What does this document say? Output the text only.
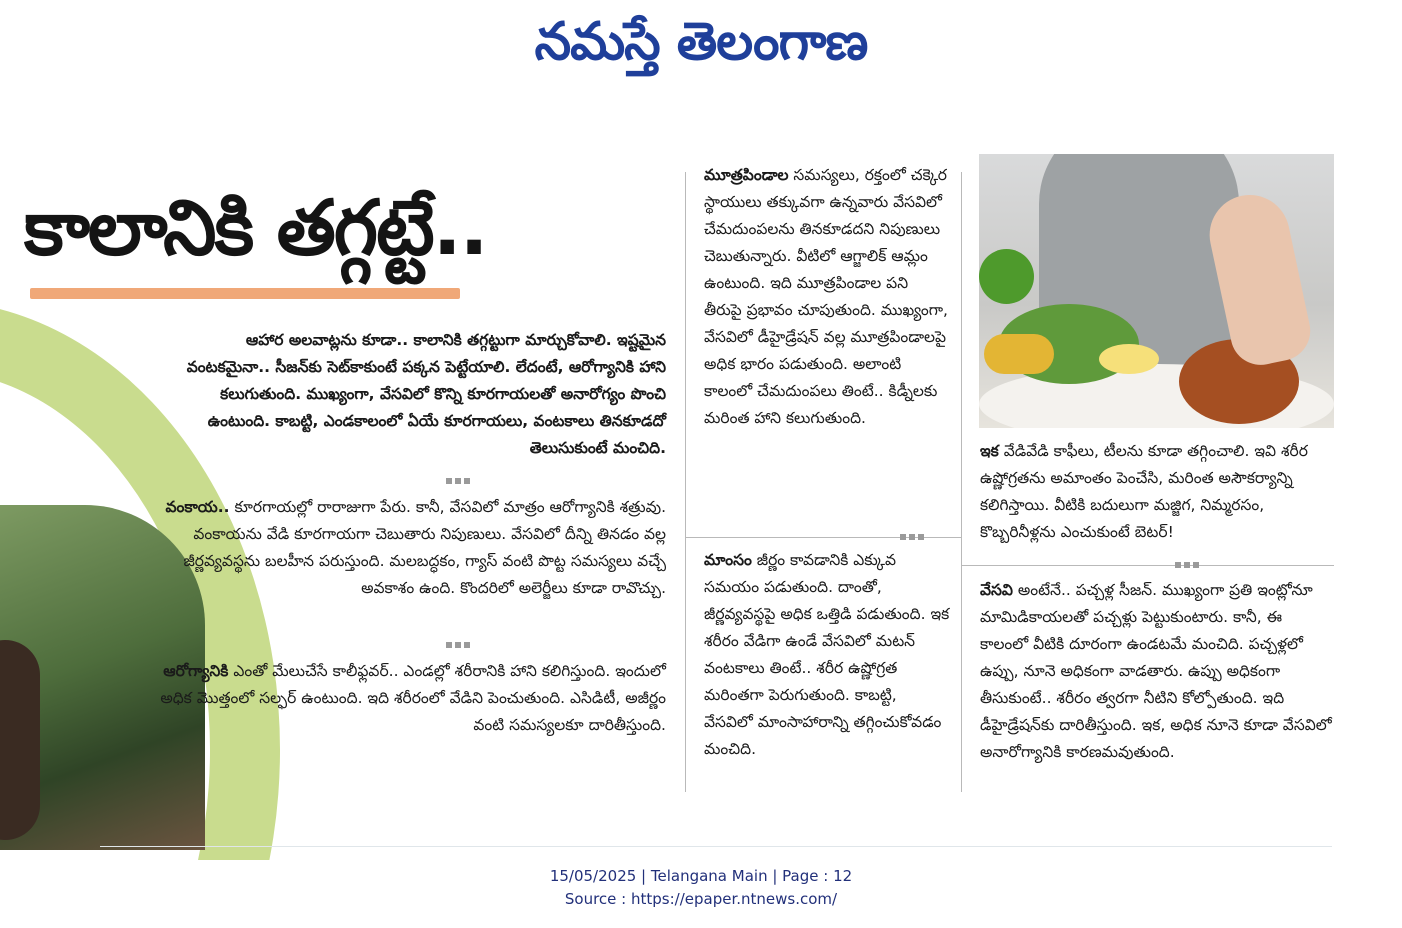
నమస్తే తెలంగాణ
కాలానికి తగ్గట్టే..
ఆహార అలవాట్లను కూడా.. కాలానికి తగ్గట్టుగా మార్చుకోవాలి. ఇష్టమైన వంటకమైనా.. సీజన్‌కు సెట్‌కాకుంటే పక్కన పెట్టేయాలి. లేదంటే, ఆరోగ్యానికి హాని కలుగుతుంది. ముఖ్యంగా, వేసవిలో కొన్ని కూరగాయలతో అనారోగ్యం పొంచి ఉంటుంది. కాబట్టి, ఎండకాలంలో ఏయే కూరగాయలు, వంటకాలు తినకూడదో తెలుసుకుంటే మంచిది.

వంకాయ.. కూరగాయల్లో రారాజుగా పేరు. కానీ, వేసవిలో మాత్రం ఆరోగ్యానికి శత్రువు. వంకాయను వేడి కూరగాయగా చెబుతారు నిపుణులు. వేసవిలో దీన్ని తినడం వల్ల జీర్ణవ్యవస్థను బలహీన పరుస్తుంది. మలబద్ధకం, గ్యాస్ వంటి పొట్ట సమస్యలు వచ్చే అవకాశం ఉంది. కొందరిలో అలెర్జీలు కూడా రావొచ్చు.

ఆరోగ్యానికి ఎంతో మేలుచేసే కాలీఫ్లవర్.. ఎండల్లో శరీరానికి హాని కలిగిస్తుంది. ఇందులో అధిక మొత్తంలో సల్ఫర్ ఉంటుంది. ఇది శరీరంలో వేడిని పెంచుతుంది. ఎసిడిటీ, అజీర్ణం వంటి సమస్యలకూ దారితీస్తుంది.

మూత్రపిండాల సమస్యలు, రక్తంలో చక్కెర స్థాయులు తక్కువగా ఉన్నవారు వేసవిలో చేమదుంపలను తినకూడదని నిపుణులు చెబుతున్నారు. వీటిలో ఆగ్జాలిక్ ఆమ్లం ఉంటుంది. ఇది మూత్రపిండాల పని తీరుపై ప్రభావం చూపుతుంది. ముఖ్యంగా, వేసవిలో డీహైడ్రేషన్ వల్ల మూత్రపిండాలపై అధిక భారం పడుతుంది. అలాంటి కాలంలో చేమదుంపలు తింటే.. కిడ్నీలకు మరింత హాని కలుగుతుంది.

మాంసం జీర్ణం కావడానికి ఎక్కువ సమయం పడుతుంది. దాంతో, జీర్ణవ్యవస్థపై అధిక ఒత్తిడి పడుతుంది. ఇక శరీరం వేడిగా ఉండే వేసవిలో మటన్ వంటకాలు తింటే.. శరీర ఉష్ణోగ్రత మరింతగా పెరుగుతుంది. కాబట్టి, వేసవిలో మాంసాహారాన్ని తగ్గించుకోవడం మంచిది.

ఇక వేడివేడి కాఫీలు, టీలను కూడా తగ్గించాలి. ఇవి శరీర ఉష్ణోగ్రతను అమాంతం పెంచేసి, మరింత అసౌకర్యాన్ని కలిగిస్తాయి. వీటికి బదులుగా మజ్జిగ, నిమ్మరసం, కొబ్బరినీళ్లను ఎంచుకుంటే బెటర్!

వేసవి అంటేనే.. పచ్చళ్ల సీజన్. ముఖ్యంగా ప్రతి ఇంట్లోనూ మామిడికాయలతో పచ్చళ్లు పెట్టుకుంటారు. కానీ, ఈ కాలంలో వీటికి దూరంగా ఉండటమే మంచిది. పచ్చళ్లలో ఉప్పు, నూనె అధికంగా వాడతారు. ఉప్పు అధికంగా తీసుకుంటే.. శరీరం త్వరగా నీటిని కోల్పోతుంది. ఇది డీహైడ్రేషన్‌కు దారితీస్తుంది. ఇక, అధిక నూనె కూడా వేసవిలో అనారోగ్యానికి కారణమవుతుంది.

15/05/2025 | Telangana Main | Page : 12
Source : https://epaper.ntnews.com/
